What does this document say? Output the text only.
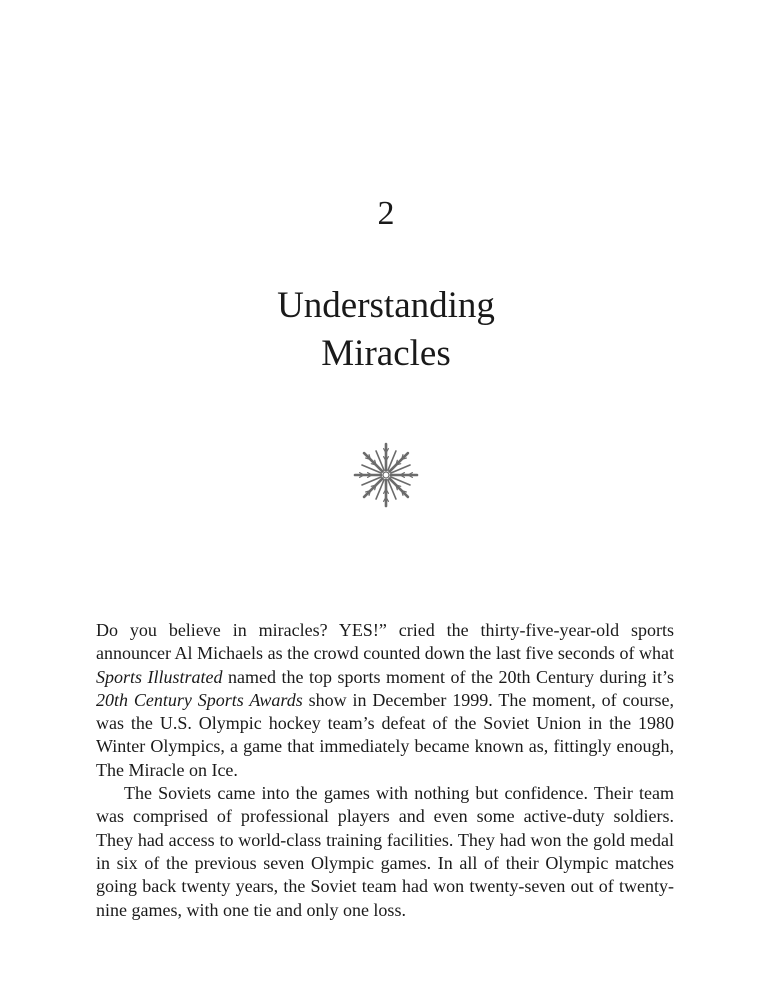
2
Understanding
Miracles

Do you believe in miracles? YES!” cried the thirty-five-year-old sports announcer Al Michaels as the crowd counted down the last five seconds of what Sports Illustrated named the top sports moment of the 20th Century during it’s 20th Century Sports Awards show in December 1999. The moment, of course, was the U.S. Olympic hockey team’s defeat of the Soviet Union in the 1980 Winter Olympics, a game that immediately became known as, fittingly enough, The Miracle on Ice.

The Soviets came into the games with nothing but confidence. Their team was comprised of professional players and even some active-duty soldiers. They had access to world-class training facilities. They had won the gold medal in six of the previous seven Olympic games. In all of their Olympic matches going back twenty years, the Soviet team had won twenty-seven out of twenty-nine games, with one tie and only one loss.
